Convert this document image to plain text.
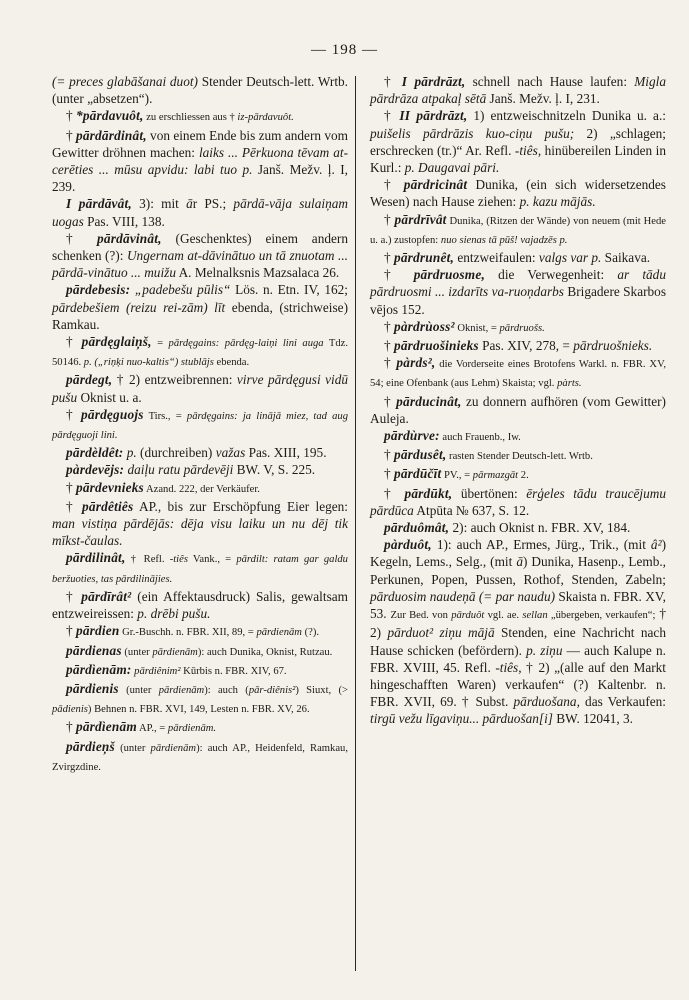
— 198 —

(= preces glabāšanai duot) Stender Deutsch-lett. Wrtb. (unter „absetzen“).

† *pārdavuôt, zu erschliessen aus † iz-pārdavuôt.

† pārdārdinât, von einem Ende bis zum andern vom Gewitter dröhnen machen: laiks ... Pērkuona tēvam at-cerēties ... mūsu apvidu: labi tuo p. Janš. Mežv. ļ. I, 239.

I pārdāvât, 3): mit ār PS.; pārdā-vāja sulaiņam uogas Pas. VIII, 138.

† pārdāvinât, (Geschenktes) einem andern schenken (?): Ungernam at-dāvinātuo un tā znuotam ... pārdā-vinātuo ... muižu A. Melnalksnis Mazsalaca 26.

pārdebesis: „padebešu pūlis“ Lös. n. Etn. IV, 162; pārdebešiem (reizu rei-zām) līt ebenda, (strichweise) Ramkau.

† pārdęglaiņš, = pārdęgains: pārdęg-laiņi lini auga Tdz. 50146. p. („riņķi nuo-kaltis“) stublājs ebenda.

pārdegt, † 2) entzweibrennen: virve pārdęgusi vidū pušu Oknist u. a.

† pārdęguojs Tirs., = pārdęgains: ja linājā miez, tad aug pārdęguoji lini.

pārdèldêt: p. (durchreiben) važas Pas. XIII, 195.

pàrdevējs: daiļu ratu pārdevēji BW. V, S. 225.

† pārdevnieks Azand. 222, der Verkäufer.

† pārdêtiês AP., bis zur Erschöpfung Eier legen: man vistiņa pārdējās: dēja visu laiku un nu dēj tik mīkst-čaulas.

pārdilinât, † Refl. -tiês Vank., = pārdilt: ratam gar galdu beržuoties, tas pārdilinājies.

† pārdīrât² (ein Affektausdruck) Salis, gewaltsam entzweireissen: p. drēbi pušu.

† pārdien Gr.-Buschh. n. FBR. XII, 89, = pārdienām (?).

pārdienas (unter pārdienām): auch Dunika, Oknist, Rutzau.

pārdìenām: pārdiênim² Kūrbis n. FBR. XIV, 67.

pārdienis (unter pārdienām): auch (pār-diênis²) Siuxt, (> pādienis) Behnen n. FBR. XVI, 149, Lesten n. FBR. XV, 26.

† pārdìenām AP., = pārdienām.

pārdieņš (unter pārdienām): auch AP., Heidenfeld, Ramkau, Zvirgzdine.

† I pārdrāzt, schnell nach Hause laufen: Migla pārdrāza atpakaļ sētā Janš. Mežv. ļ. I, 231.

† II pārdrāzt, 1) entzweischnitzeln Dunika u. a.: puišelis pārdrāzis kuo-ciņu pušu; 2) „schlagen; erschrecken (tr.)“ Ar. Refl. -tiês, hinübereilen Linden in Kurl.: p. Daugavai pāri.

† pārdricinât Dunika, (ein sich widersetzendes Wesen) nach Hause ziehen: p. kazu mājās.

† pārdrīvât Dunika, (Ritzen der Wände) von neuem (mit Hede u. a.) zustopfen: nuo sienas tā pūš! vajadzēs p.

† pārdrunêt, entzweifaulen: valgs var p. Saikava.

† pārdruosme, die Verwegenheit: ar tādu pārdruosmi ... izdarīts va-ruoņdarbs Brigadere Skarbos vējos 152.

† pàrdrùoss² Oknist, = pārdruošs.

† pārdruošinieks Pas. XIV, 278, = pārdruošnieks.

† pàrds², die Vorderseite eines Brotofens Warkl. n. FBR. XV, 54; eine Ofenbank (aus Lehm) Skaista; vgl. pàrts.

† pārducinât, zu donnern aufhören (vom Gewitter) Auleja.

pārdùrve: auch Frauenb., Iw.

† pārdusêt, rasten Stender Deutsch-lett. Wrtb.

† pārdūčīt PV., = pārmazgāt 2.

† pārdūkt, übertönen: ērģeles tādu traucējumu pārdūca Atpūta № 637, S. 12.

pārduômât, 2): auch Oknist n. FBR. XV, 184.

pàrduôt, 1): auch AP., Ermes, Jürg., Trik., (mit â²) Kegeln, Lems., Selg., (mit ā) Dunika, Hasenp., Lemb., Perkunen, Popen, Pussen, Rothof, Stenden, Zabeln; pārduosim naudeņā (= par naudu) Skaista n. FBR. XV, 53. Zur Bed. von pārduôt vgl. ae. sellan „übergeben, verkaufen“; † 2) pārduot² ziņu mājā Stenden, eine Nachricht nach Hause schicken (befördern). p. ziņu — auch Kalupe n. FBR. XVIII, 45. Refl. -tiês, † 2) „(alle auf den Markt hingeschafften Waren) verkaufen“ (?) Kaltenbr. n. FBR. XVII, 69. † Subst. pārduošana, das Verkaufen: tirgū vežu līgaviņu... pārduošan[i] BW. 12041, 3.
